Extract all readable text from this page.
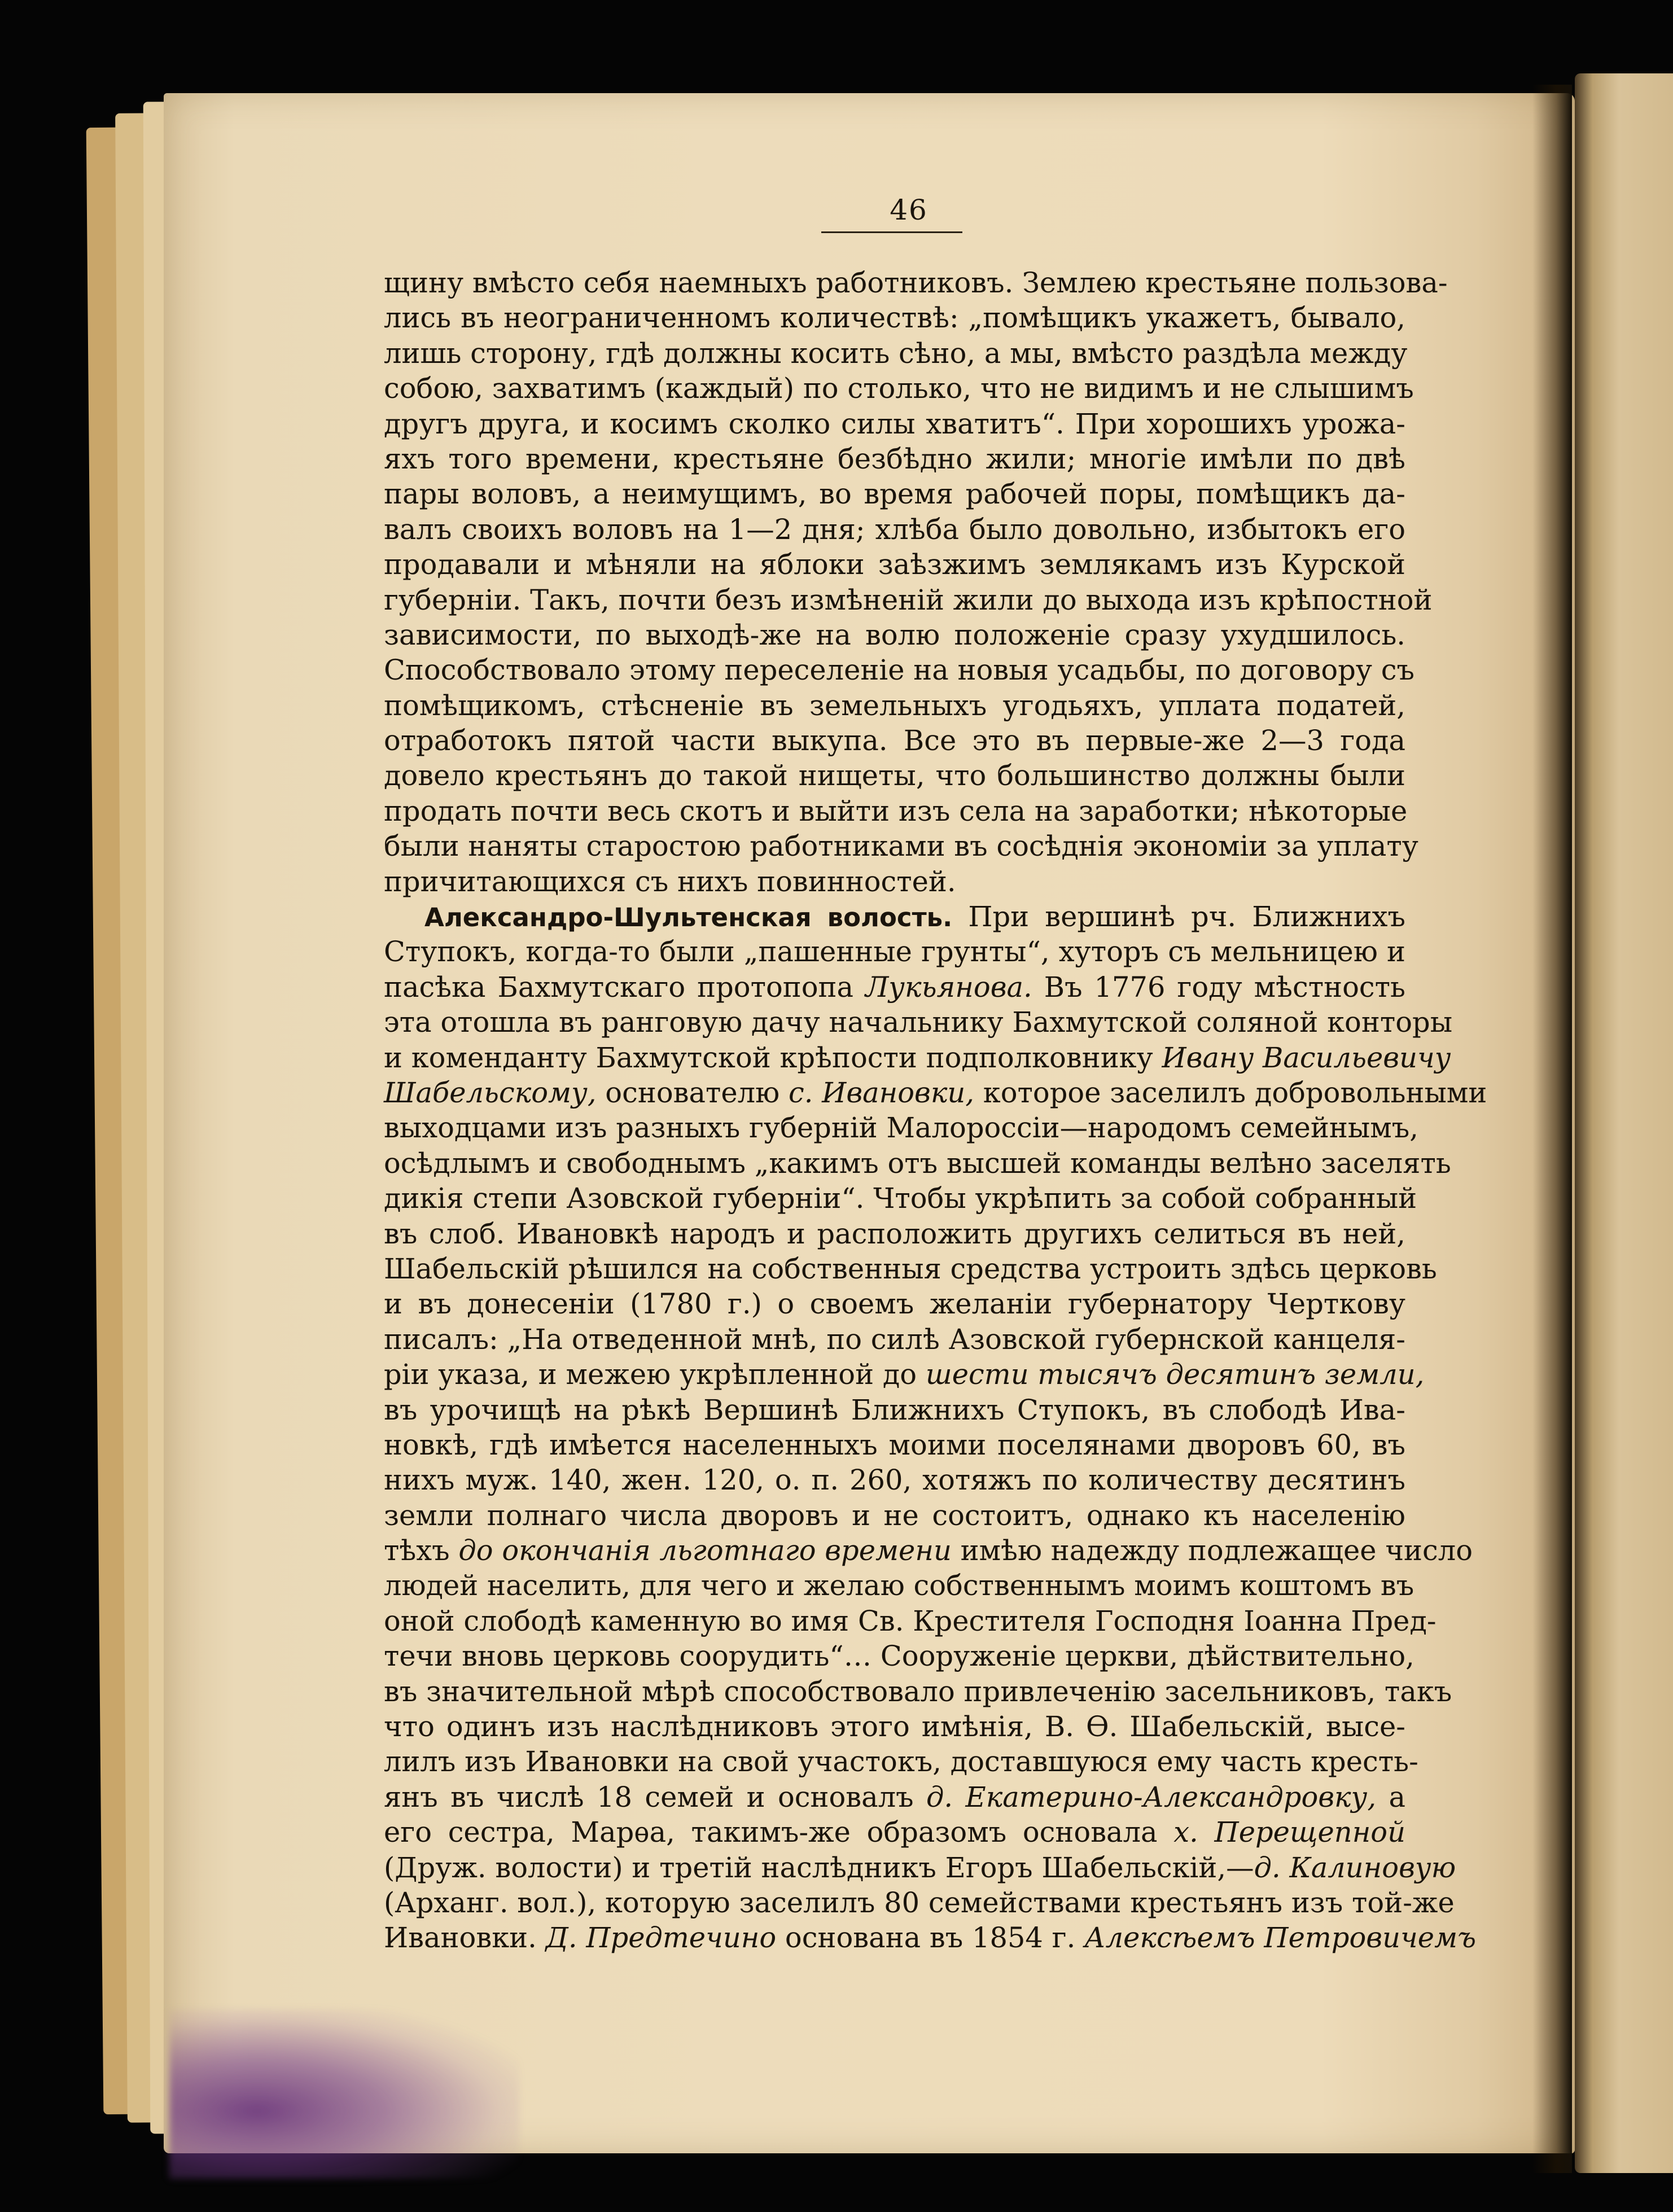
46
щину вмѣсто себя наемныхъ работниковъ. Землею крестьяне пользова-
лись въ неограниченномъ количествѣ: „помѣщикъ укажетъ, бывало,
лишь сторону, гдѣ должны косить сѣно, а мы, вмѣсто раздѣла между
собою, захватимъ (каждый) по столько, что не видимъ и не слышимъ
другъ друга, и косимъ сколко силы хватитъ“. При хорошихъ урожа-
яхъ того времени, крестьяне безбѣдно жили; многіе имѣли по двѣ
пары воловъ, а неимущимъ, во время рабочей поры, помѣщикъ да-
валъ своихъ воловъ на 1—2 дня; хлѣба было довольно, избытокъ его
продавали и мѣняли на яблоки заѣзжимъ землякамъ изъ Курской
губерніи. Такъ, почти безъ измѣненій жили до выхода изъ крѣпостной
зависимости, по выходѣ-же на волю положеніе сразу ухудшилось.
Способствовало этому переселеніе на новыя усадьбы, по договору съ
помѣщикомъ, стѣсненіе въ земельныхъ угодьяхъ, уплата податей,
отработокъ пятой части выкупа. Все это въ первые-же 2—3 года
довело крестьянъ до такой нищеты, что большинство должны были
продать почти весь скотъ и выйти изъ села на заработки; нѣкоторые
были наняты старостою работниками въ сосѣднія экономіи за уплату
причитающихся съ нихъ повинностей.
Александро-Шультенская волость. При вершинѣ рч. Ближнихъ
Ступокъ, когда-то были „пашенные грунты“, хуторъ съ мельницею и
пасѣка Бахмутскаго протопопа Лукьянова. Въ 1776 году мѣстность
эта отошла въ ранговую дачу начальнику Бахмутской соляной конторы
и коменданту Бахмутской крѣпости подполковнику Ивану Васильевичу
Шабельскому, основателю с. Ивановки, которое заселилъ добровольными
выходцами изъ разныхъ губерній Малороссіи—народомъ семейнымъ,
осѣдлымъ и свободнымъ „какимъ отъ высшей команды велѣно заселять
дикія степи Азовской губерніи“. Чтобы укрѣпить за собой собранный
въ слоб. Ивановкѣ народъ и расположить другихъ селиться въ ней,
Шабельскій рѣшился на собственныя средства устроить здѣсь церковь
и въ донесеніи (1780 г.) о своемъ желаніи губернатору Черткову
писалъ: „На отведенной мнѣ, по силѣ Азовской губернской канцеля-
ріи указа, и межею укрѣпленной до шести тысячъ десятинъ земли,
въ урочищѣ на рѣкѣ Вершинѣ Ближнихъ Ступокъ, въ слободѣ Ива-
новкѣ, гдѣ имѣется населенныхъ моими поселянами дворовъ 60, въ
нихъ муж. 140, жен. 120, о. п. 260, хотяжъ по количеству десятинъ
земли полнаго числа дворовъ и не состоитъ, однако къ населенію
тѣхъ до окончанія льготнаго времени имѣю надежду подлежащее число
людей населить, для чего и желаю собственнымъ моимъ коштомъ въ
оной слободѣ каменную во имя Св. Крестителя Господня Іоанна Пред-
течи вновь церковь соорудить“… Сооруженіе церкви, дѣйствительно,
въ значительной мѣрѣ способствовало привлеченію засельниковъ, такъ
что одинъ изъ наслѣдниковъ этого имѣнія, В. Ѳ. Шабельскій, высе-
лилъ изъ Ивановки на свой участокъ, доставшуюся ему часть кресть-
янъ въ числѣ 18 семей и основалъ д. Екатерино-Александровку, а
его сестра, Марѳа, такимъ-же образомъ основала х. Перещепной
(Друж. волости) и третій наслѣдникъ Егоръ Шабельскій,—д. Калиновую
(Арханг. вол.), которую заселилъ 80 семействами крестьянъ изъ той-же
Ивановки. Д. Предтечино основана въ 1854 г. Алексѣемъ Петровичемъ
